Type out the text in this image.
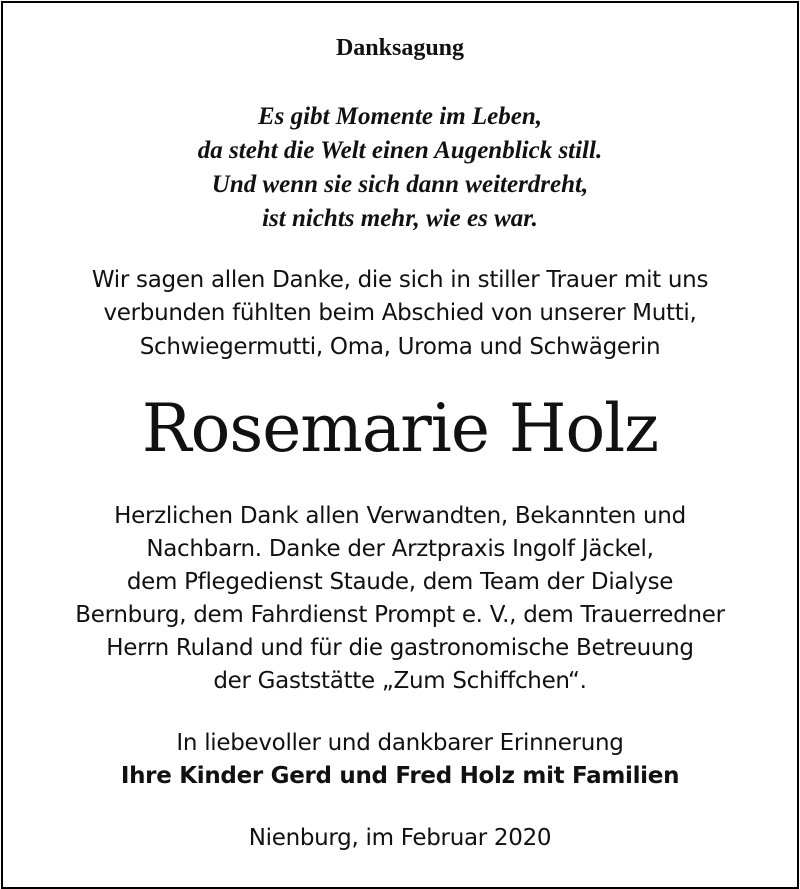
Danksagung
Es gibt Momente im Leben,
da steht die Welt einen Augenblick still.
Und wenn sie sich dann weiterdreht,
ist nichts mehr, wie es war.
Wir sagen allen Danke, die sich in stiller Trauer mit uns
verbunden fühlten beim Abschied von unserer Mutti,
Schwiegermutti, Oma, Uroma und Schwägerin
Rosemarie Holz
Herzlichen Dank allen Verwandten, Bekannten und
Nachbarn. Danke der Arztpraxis Ingolf Jäckel,
dem Pflegedienst Staude, dem Team der Dialyse
Bernburg, dem Fahrdienst Prompt e. V., dem Trauerredner
Herrn Ruland und für die gastronomische Betreuung
der Gaststätte „Zum Schiffchen“.
In liebevoller und dankbarer Erinnerung
Ihre Kinder Gerd und Fred Holz mit Familien
Nienburg, im Februar 2020
